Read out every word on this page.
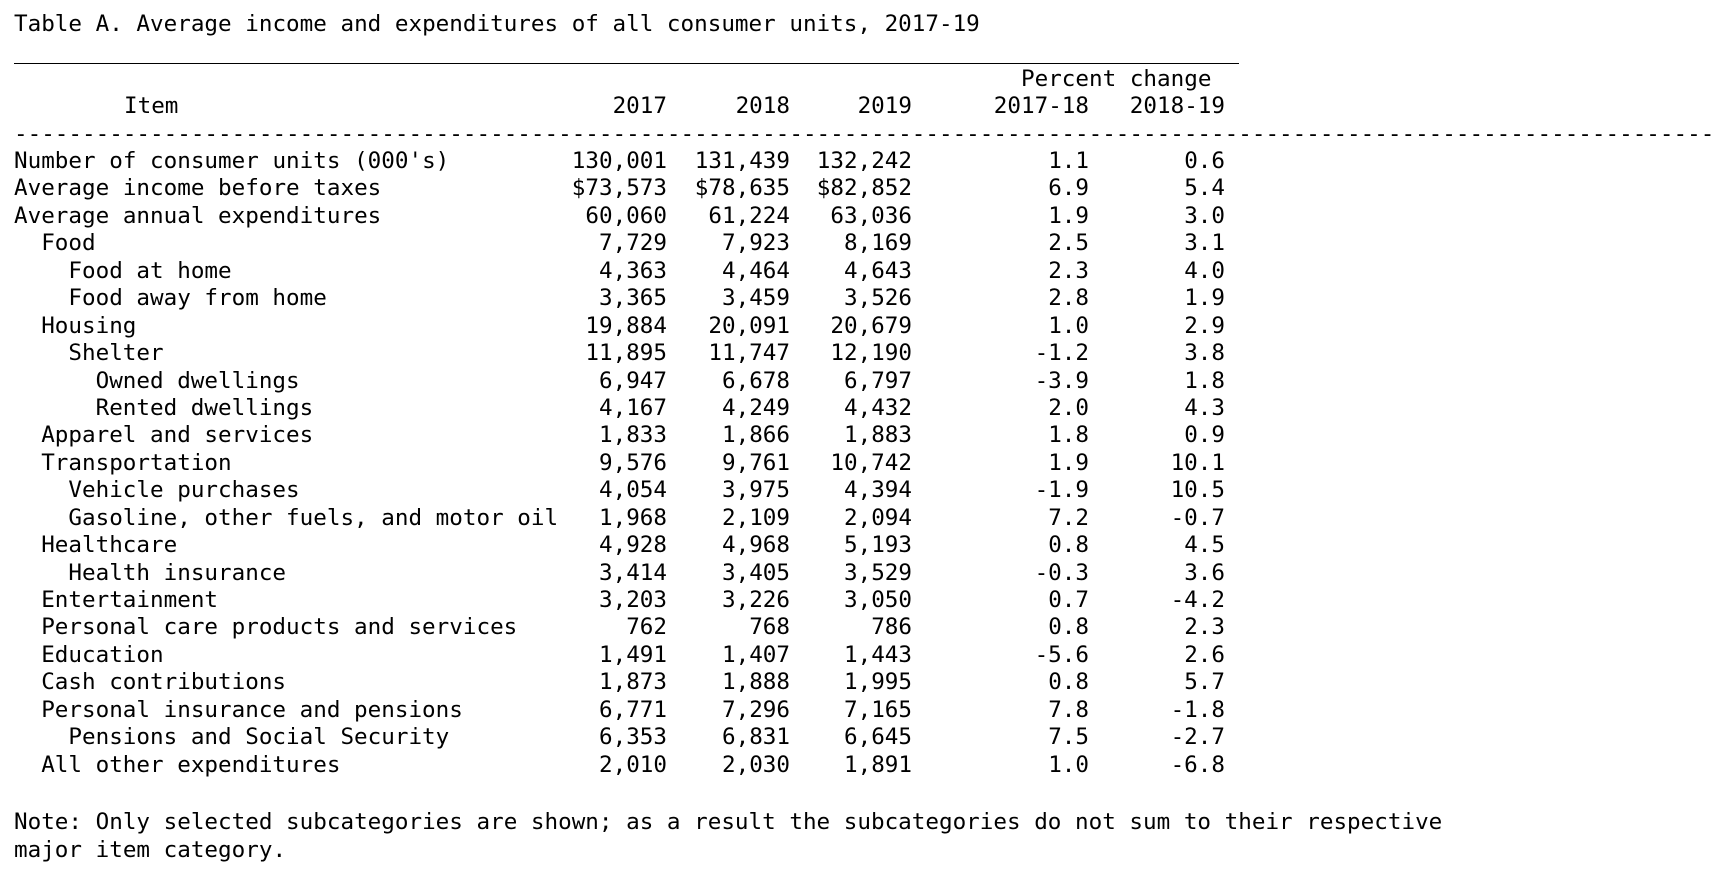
Table A. Average income and expenditures of all consumer units, 2017-19
Percent change
Item	2017	2018	2019	2017-18 2018-19
-----------------------------------------------------------------------------------------------------------------------------
Number of consumer units (000's)	130,001 131,439 132,242	1.1	0.6
Average income before taxes	$73,573 $78,635 $82,852	6.9	5.4
Average annual expenditures	60,060 61,224 63,036	1.9	3.0
Food	7,729 7,923 8,169	2.5	3.1
Food at home	4,363 4,464 4,643	2.3	4.0
Food away from home	3,365 3,459 3,526	2.8	1.9
Housing	19,884 20,091 20,679	1.0	2.9
Shelter	11,895 11,747 12,190	-1.2	3.8
Owned dwellings	6,947 6,678 6,797	-3.9	1.8
Rented dwellings	4,167 4,249 4,432	2.0	4.3
Apparel and services	1,833 1,866 1,883	1.8	0.9
Transportation	9,576 9,761 10,742	1.9	10.1
Vehicle purchases	4,054 3,975 4,394	-1.9	10.5
Gasoline, other fuels, and motor oil 1,968 2,109 2,094	7.2	-0.7
Healthcare	4,928 4,968 5,193	0.8	4.5
Health insurance	3,414 3,405 3,529	-0.3	3.6
Entertainment	3,203 3,226 3,050	0.7	-4.2
Personal care products and services	762	768	786	0.8	2.3
Education	1,491 1,407 1,443	-5.6	2.6
Cash contributions	1,873 1,888 1,995	0.8	5.7
Personal insurance and pensions	6,771 7,296 7,165	7.8	-1.8
Pensions and Social Security	6,353 6,831 6,645	7.5	-2.7
All other expenditures	2,010 2,030 1,891	1.0	-6.8
Note: Only selected subcategories are shown; as a result the subcategories do not sum to their respective major item category.
